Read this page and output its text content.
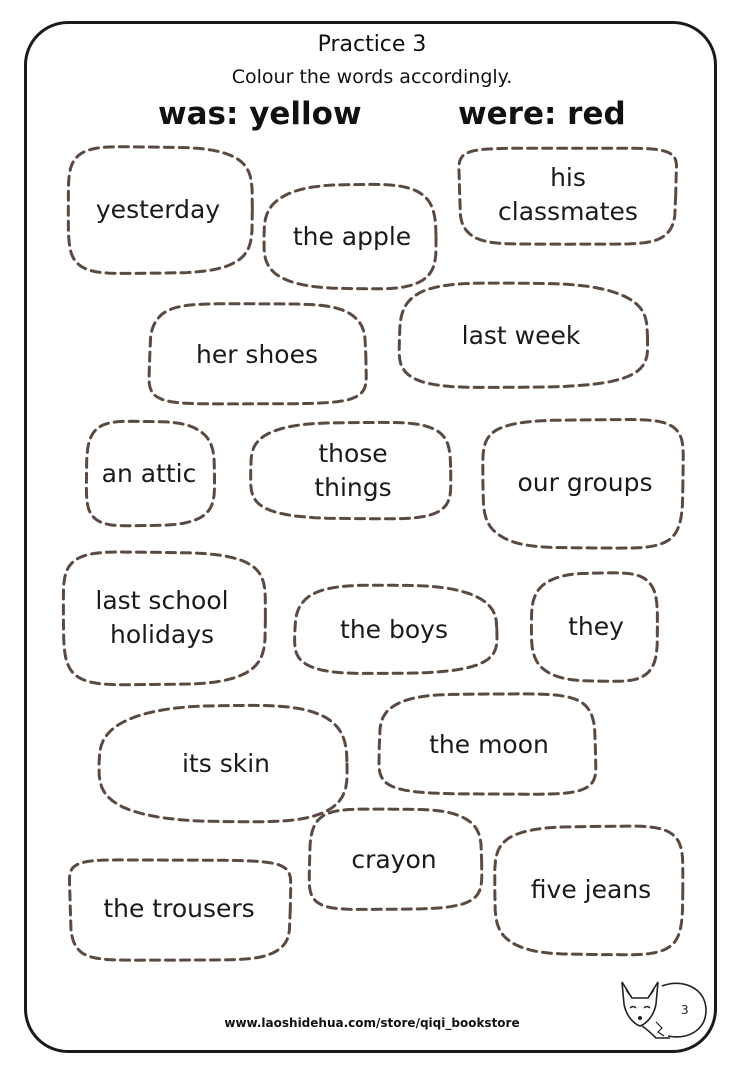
Practice 3
Colour the words accordingly.
was: yellow	were: red
yesterday
the apple
his
classmates
her shoes
last week
an attic
those
things	our groups
last school
holidays	the boys	they
its skin
the moon
crayon
the trousers
five jeans
www.laoshidehua.com/store/qiqi_bookstore
3
